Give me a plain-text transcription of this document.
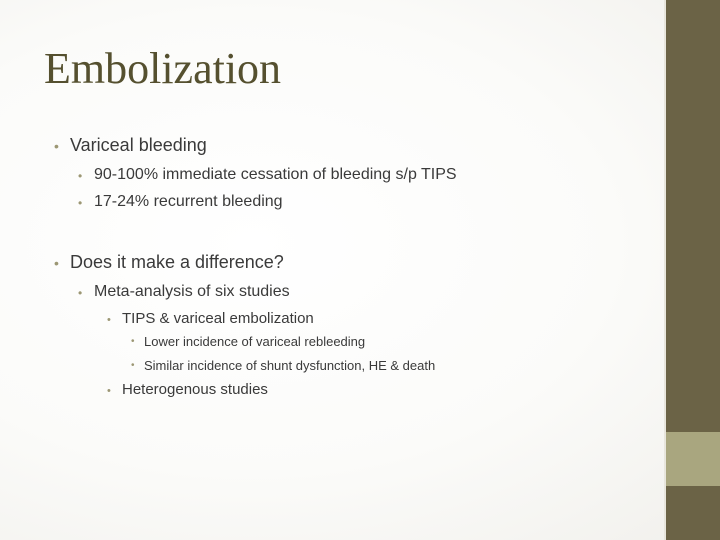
Embolization
• Variceal bleeding
• 90-100% immediate cessation of bleeding s/p TIPS
• 17-24% recurrent bleeding
• Does it make a difference?
• Meta-analysis of six studies
• TIPS & variceal embolization
• Lower incidence of variceal rebleeding
• Similar incidence of shunt dysfunction, HE & death
• Heterogenous studies
